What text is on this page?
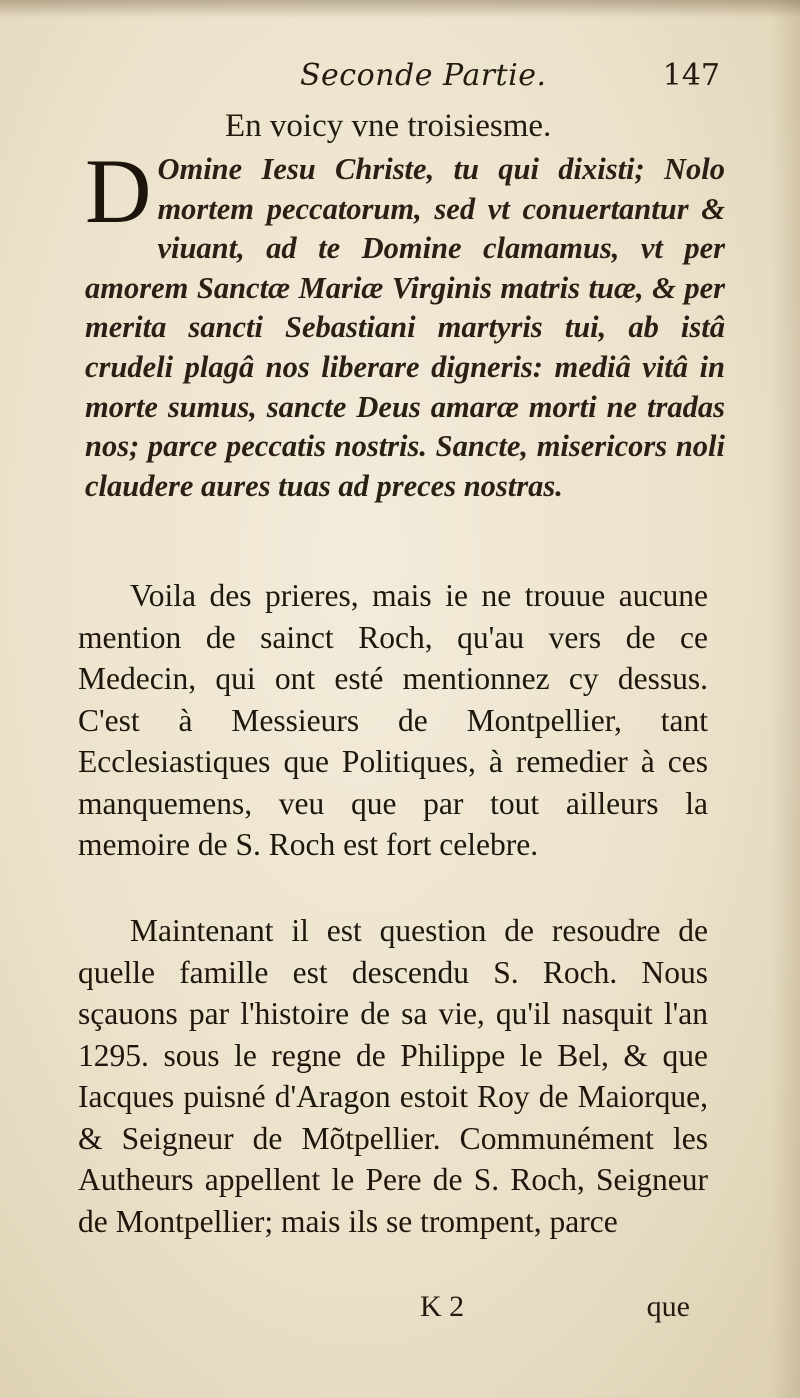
Seconde Partie.	147
En voicy vne troisiesme.
D Omine Iesu Christe, tu qui dixisti; Nolo mortem peccatorum, sed vt conuertantur & viuant, ad te Domine clamamus, vt per amorem Sanctæ Mariæ Virginis matris tuæ, & per merita sancti Sebastiani martyris tui, ab istâ crudeli plagâ nos liberare digneris: mediâ vitâ in morte sumus, sancte Deus amaræ morti ne tradas nos; parce peccatis nostris. Sancte, misericors noli claudere aures tuas ad preces nostras.
Voila des prieres, mais ie ne trouue aucune mention de sainct Roch, qu'au vers de ce Medecin, qui ont esté mentionnez cy dessus. C'est à Messieurs de Montpellier, tant Ecclesiastiques que Politiques, à remedier à ces manquemens, veu que par tout ailleurs la memoire de S. Roch est fort celebre.
Maintenant il est question de resoudre de quelle famille est descendu S. Roch. Nous sçauons par l'histoire de sa vie, qu'il nasquit l'an 1295. sous le regne de Philippe le Bel, & que Iacques puisné d'Aragon estoit Roy de Maiorque, & Seigneur de Mõtpellier. Communément les Autheurs appellent le Pere de S. Roch, Seigneur de Montpellier; mais ils se trompent, parce
K 2	que
